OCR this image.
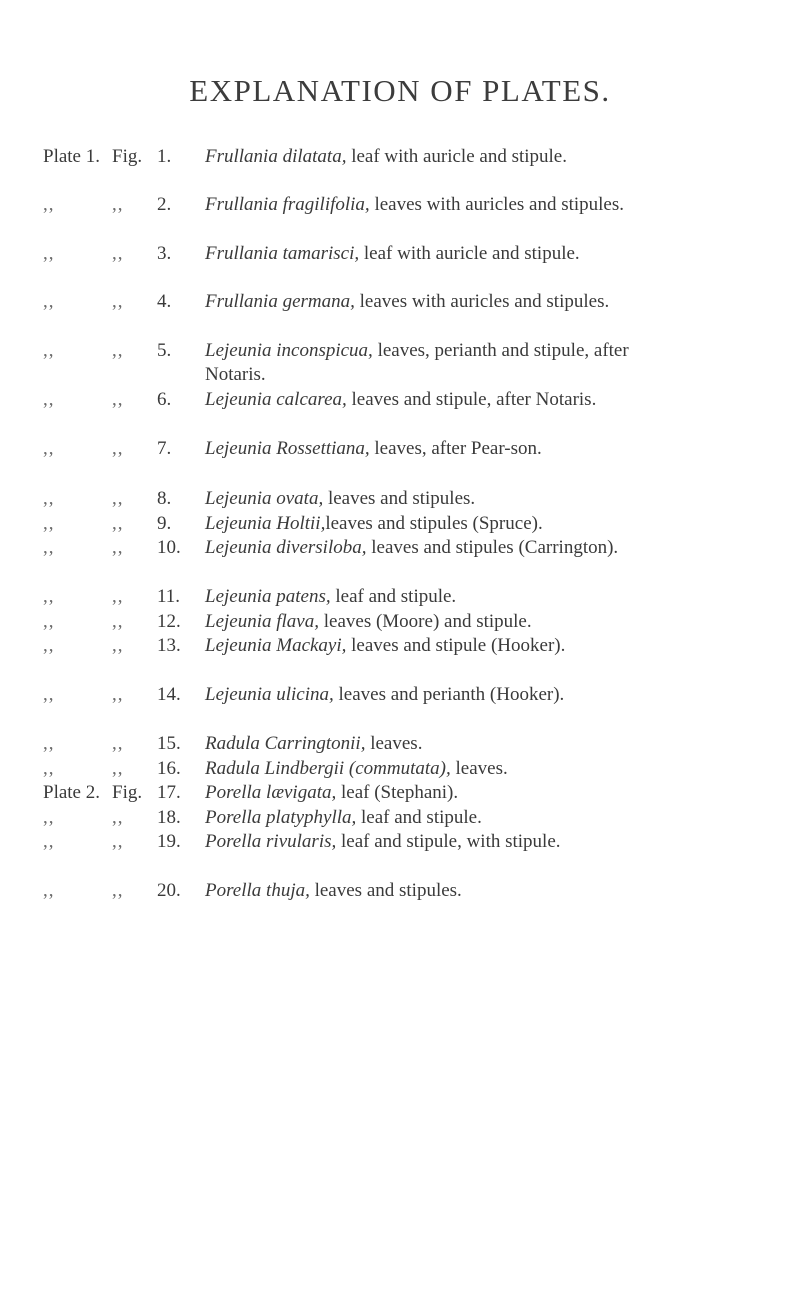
EXPLANATION OF PLATES.
Plate 1. Fig. 1. Frullania dilatata, leaf with auricle and stipule.
,,	,, 2. Frullania fragilifolia, leaves with auricles and stipules.
,,	,, 3. Frullania tamarisci, leaf with auricle and stipule.
,,	,, 4. Frullania germana, leaves with auricles and stipules.
,,	,, 5. Lejeunia inconspicua, leaves, perianth and stipule, after Notaris.
,,	,, 6. Lejeunia calcarea, leaves and stipule, after Notaris.
,,	,, 7. Lejeunia Rossettiana, leaves, after Pear-son.
,,	,, 8. Lejeunia ovata, leaves and stipules.
,,	,, 9. Lejeunia Holtii,leaves and stipules (Spruce).
,,	,, 10. Lejeunia diversiloba, leaves and stipules (Carrington).
,,	,, 11. Lejeunia patens, leaf and stipule.
,,	,, 12. Lejeunia flava, leaves (Moore) and stipule.
,,	,, 13. Lejeunia Mackayi, leaves and stipule (Hooker).
,,	,, 14. Lejeunia ulicina, leaves and perianth (Hooker).
,,	,, 15. Radula Carringtonii, leaves.
,,	,, 16. Radula Lindbergii (commutata), leaves.
Plate 2. Fig. 17. Porella lævigata, leaf (Stephani).
,,	,, 18. Porella platyphylla, leaf and stipule.
,,	,, 19. Porella rivularis, leaf and stipule, with stipule.
,,	,, 20. Porella thuja, leaves and stipules.
